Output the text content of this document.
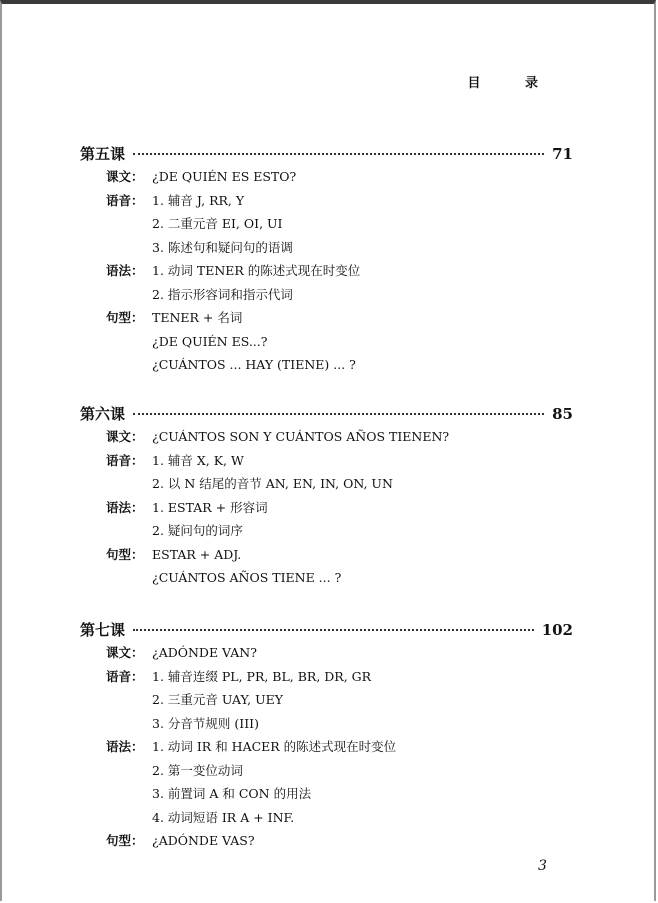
目 录
第五课	71
课文： ¿DE QUIÉN ES ESTO?
语音： 1. 辅音 J, RR, Y
2. 二重元音 EI, OI, UI
3. 陈述句和疑问句的语调
语法： 1. 动词 TENER 的陈述式现在时变位
2. 指示形容词和指示代词
句型： TENER + 名词
¿DE QUIÉN ES...?
¿CUÁNTOS ... HAY (TIENE) ... ?
第六课	85
课文： ¿CUÁNTOS SON Y CUÁNTOS AÑOS TIENEN?
语音： 1. 辅音 X, K, W
2. 以 N 结尾的音节 AN, EN, IN, ON, UN
语法： 1. ESTAR + 形容词
2. 疑问句的词序
句型： ESTAR + ADJ.
¿CUÁNTOS AÑOS TIENE ... ?
第七课	102
课文： ¿ADÓNDE VAN?
语音： 1. 辅音连缀 PL, PR, BL, BR, DR, GR
2. 三重元音 UAY, UEY
3. 分音节规则 (III)
语法： 1. 动词 IR 和 HACER 的陈述式现在时变位
2. 第一变位动词
3. 前置词 A 和 CON 的用法
4. 动词短语 IR A + INF.
句型： ¿ADÓNDE VAS?
3
